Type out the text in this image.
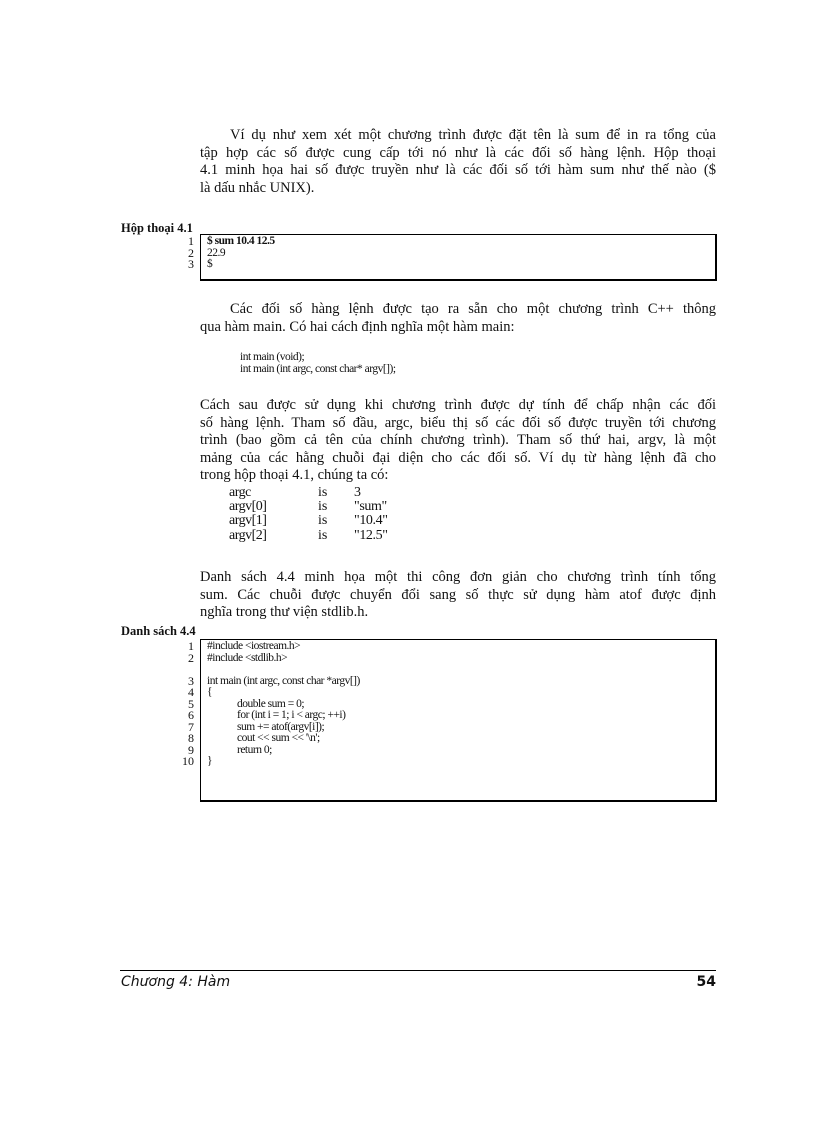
Ví dụ như xem xét một chương trình được đặt tên là sum để in ra tổng của
tập hợp các số được cung cấp tới nó như là các đối số hàng lệnh. Hộp thoại
4.1 minh họa hai số được truyền như là các đối số tới hàm sum như thế nào ($
là dấu nhắc UNIX).
Hộp thoại 4.1
1
2
3
$ sum 10.4 12.5
22.9
$
Các đối số hàng lệnh được tạo ra sẵn cho một chương trình C++ thông
qua hàm main. Có hai cách định nghĩa một hàm main:
int main (void);
int main (int argc, const char* argv[]);
Cách sau được sử dụng khi chương trình được dự tính để chấp nhận các đối
số hàng lệnh. Tham số đầu, argc, biểu thị số các đối số được truyền tới chương
trình (bao gồm cả tên của chính chương trình). Tham số thứ hai, argv, là một
mảng của các hằng chuỗi đại diện cho các đối số. Ví dụ từ hàng lệnh đã cho
trong hộp thoại 4.1, chúng ta có:
argc	is 3
argv[0]	is "sum"
argv[1]	is "10.4"
argv[2]	is "12.5"
Danh sách 4.4 minh họa một thi công đơn giản cho chương trình tính tổng
sum. Các chuỗi được chuyển đổi sang số thực sử dụng hàm atof được định
nghĩa trong thư viện stdlib.h.
Danh sách 4.4
1
2
3
4
5
6
7
8
9
10
#include <iostream.h>
#include <stdlib.h>
int main (int argc, const char *argv[])
{
double sum = 0;
for (int i = 1; i < argc; ++i)
sum += atof(argv[i]);
cout << sum << '\n';
return 0;
}
Chương 4: Hàm	54
